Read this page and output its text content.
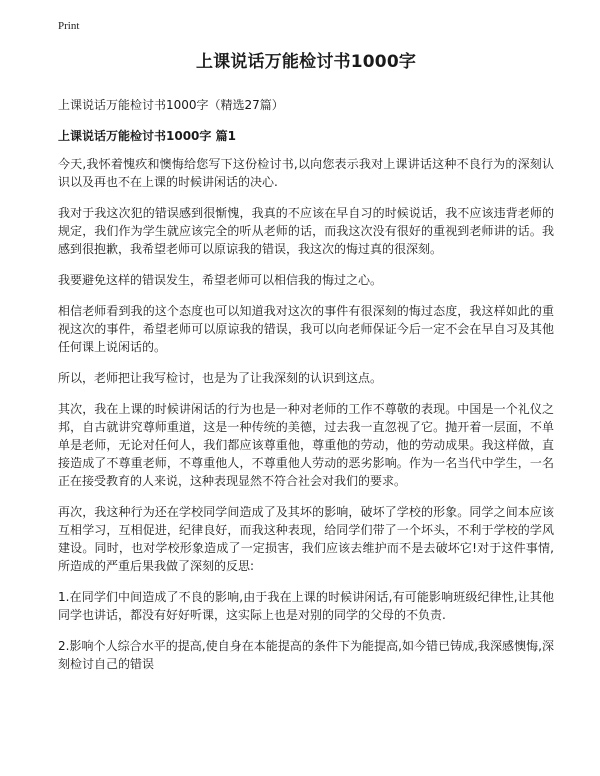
Print
上课说话万能检讨书1000字
上课说话万能检讨书1000字（精选27篇）
上课说话万能检讨书1000字 篇1
今天,我怀着愧疚和懊悔给您写下这份检讨书,以向您表示我对上课讲话这种不良行为的深刻认识以及再也不在上课的时候讲闲话的决心.
我对于我这次犯的错误感到很惭愧，我真的不应该在早自习的时候说话，我不应该违背老师的规定，我们作为学生就应该完全的听从老师的话，而我这次没有很好的重视到老师讲的话。我感到很抱歉，我希望老师可以原谅我的错误，我这次的悔过真的很深刻。
我要避免这样的错误发生，希望老师可以相信我的悔过之心。
相信老师看到我的这个态度也可以知道我对这次的事件有很深刻的悔过态度，我这样如此的重视这次的事件，希望老师可以原谅我的错误，我可以向老师保证今后一定不会在早自习及其他任何课上说闲话的。
所以，老师把让我写检讨，也是为了让我深刻的认识到这点。
其次，我在上课的时候讲闲话的行为也是一种对老师的工作不尊敬的表现。中国是一个礼仪之邦，自古就讲究尊师重道，这是一种传统的美德，过去我一直忽视了它。抛开着一层面，不单单是老师，无论对任何人，我们都应该尊重他，尊重他的劳动，他的劳动成果。我这样做，直接造成了不尊重老师，不尊重他人，不尊重他人劳动的恶劣影响。作为一名当代中学生，一名正在接受教育的人来说，这种表现显然不符合社会对我们的要求。
再次，我这种行为还在学校同学间造成了及其坏的影响，破坏了学校的形象。同学之间本应该互相学习，互相促进，纪律良好，而我这种表现，给同学们带了一个坏头，不利于学校的学风建设。同时，也对学校形象造成了一定损害，我们应该去维护而不是去破坏它!对于这件事情,所造成的严重后果我做了深刻的反思:
1.在同学们中间造成了不良的影响,由于我在上课的时候讲闲话,有可能影响班级纪律性,让其他同学也讲话，都没有好好听课，这实际上也是对别的同学的父母的不负责.
2.影响个人综合水平的提高,使自身在本能提高的条件下为能提高,如今错已铸成,我深感懊悔,深刻检讨自己的错误
